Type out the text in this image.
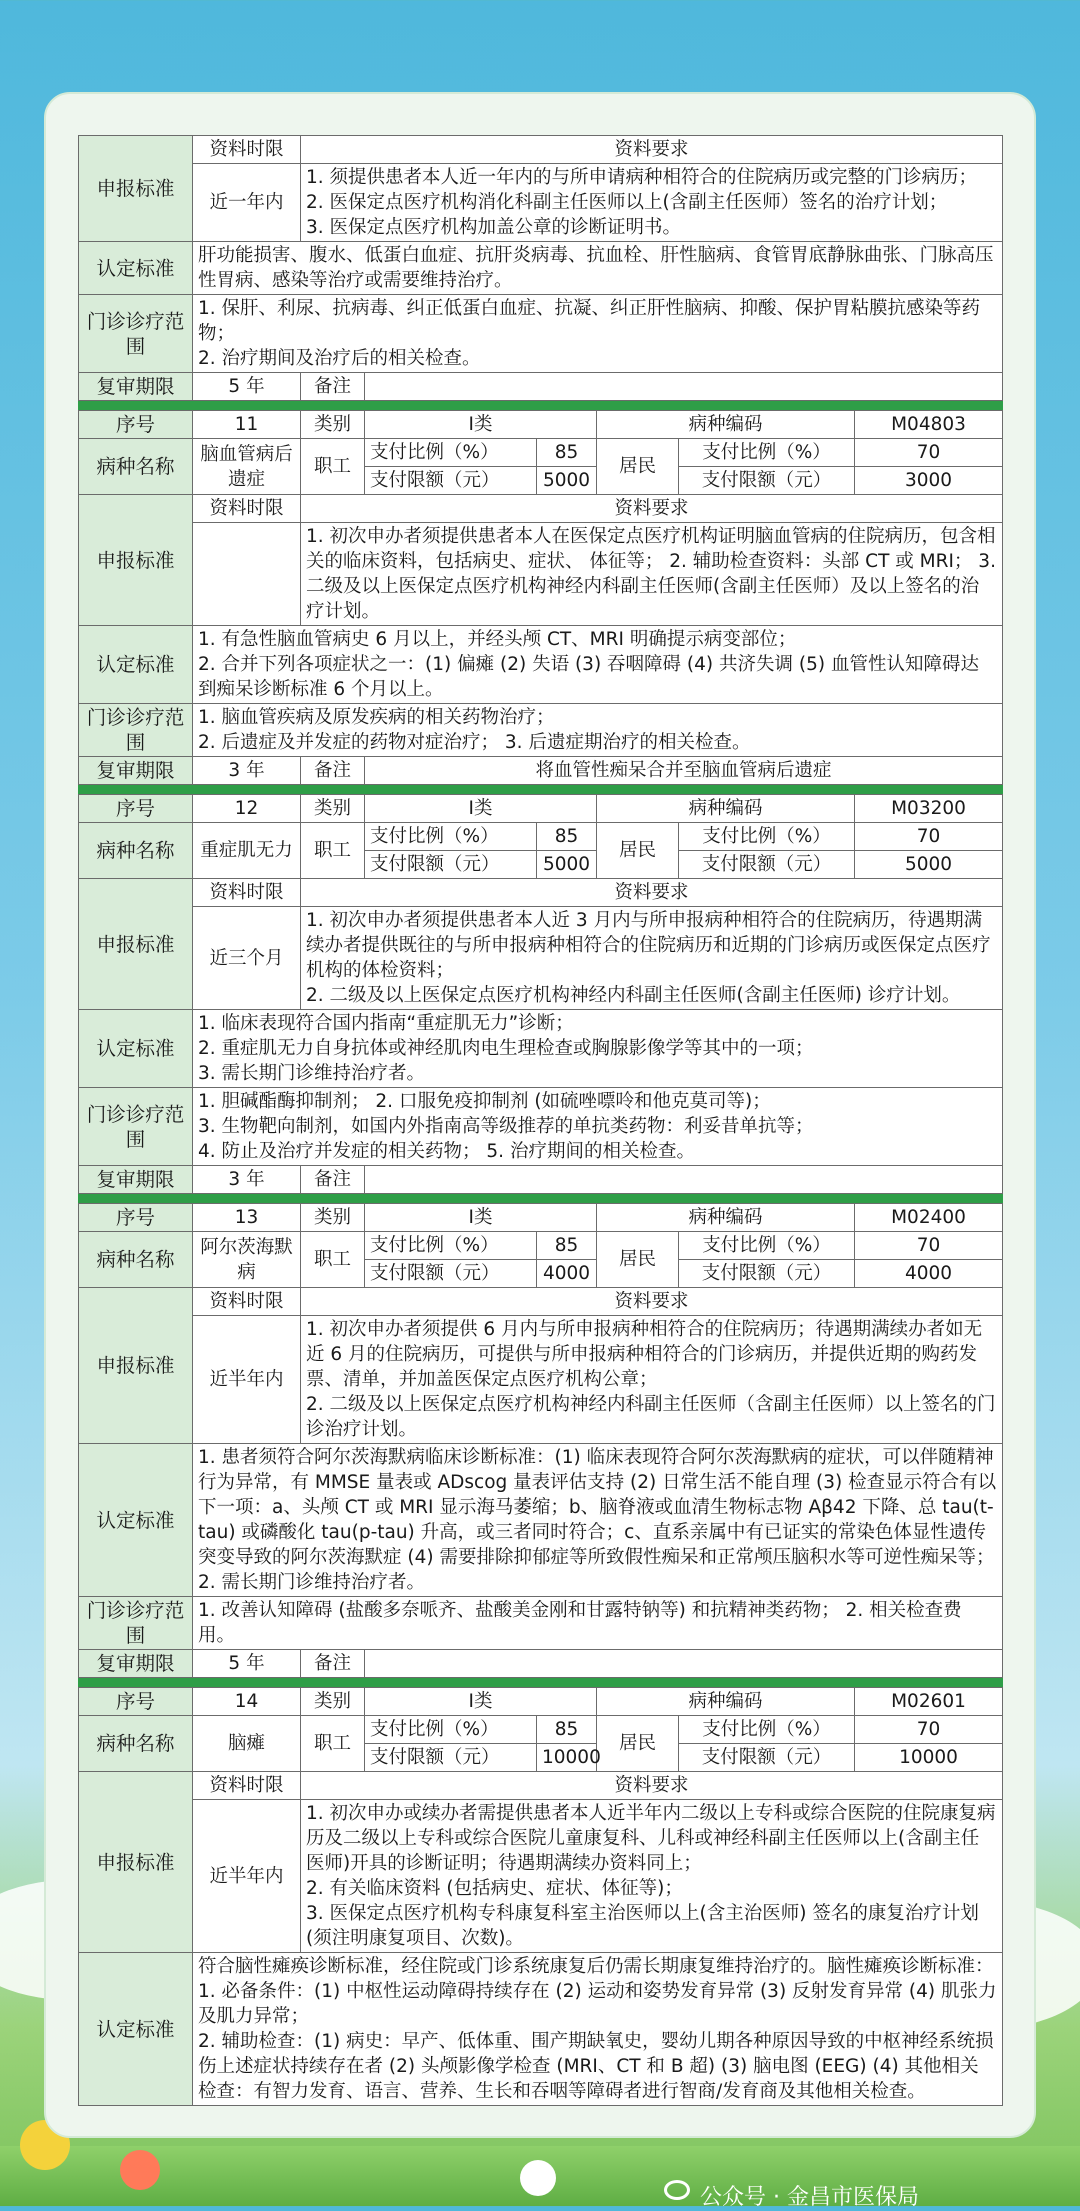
申报标准	资料时限	资料要求					
	近一年内	1. 须提供患者本人近一年内的与所申请病种相符合的住院病历或完整的门诊病历；
2. 医保定点医疗机构消化科副主任医师以上(含副主任医师）签名的治疗计划；
3. 医保定点医疗机构加盖公章的诊断证明书。					

认定标准	肝功能损害、腹水、低蛋白血症、抗肝炎病毒、抗血栓、肝性脑病、食管胃底静脉曲张、门脉高压性胃病、感染等治疗或需要维持治疗。						
门诊诊疗范围	1. 保肝、利尿、抗病毒、纠正低蛋白血症、抗凝、纠正肝性脑病、抑酸、保护胃粘膜抗感染等药物；
2. 治疗期间及治疗后的相关检查。						

复审期限	5 年	备注					

序号	11	类别	Ⅰ类		病种编码		M04803
病种名称	脑血管病后遗症	职工	支付比例（%）	85	居民	支付比例（%）	70
			支付限额（元）	5000		支付限额（元）	3000
申报标准	资料时限	资料要求					
		1. 初次申办者须提供患者本人在医保定点医疗机构证明脑血管病的住院病历，包含相关的临床资料，包括病史、症状、 体征等； 2. 辅助检查资料：头部 CT 或 MRI； 3. 二级及以上医保定点医疗机构神经内科副主任医师(含副主任医师）及以上签名的治疗计划。					
认定标准	1. 有急性脑血管病史 6 月以上，并经头颅 CT、MRI 明确提示病变部位；
2. 合并下列各项症状之一：(1) 偏瘫 (2) 失语 (3) 吞咽障碍 (4) 共济失调 (5) 血管性认知障碍达到痴呆诊断标准 6 个月以上。						

门诊诊疗范围	1. 脑血管疾病及原发疾病的相关药物治疗；
2. 后遗症及并发症的药物对症治疗； 3. 后遗症期治疗的相关检查。						

复审期限	3 年	备注	将血管性痴呆合并至脑血管病后遗症				

序号	12	类别	Ⅰ类		病种编码		M03200
病种名称	重症肌无力	职工	支付比例（%）	85	居民	支付比例（%）	70
			支付限额（元）	5000		支付限额（元）	5000
申报标准	资料时限	资料要求					
	近三个月	1. 初次申办者须提供患者本人近 3 月内与所申报病种相符合的住院病历，待遇期满续办者提供既往的与所申报病种相符合的住院病历和近期的门诊病历或医保定点医疗机构的体检资料；
2. 二级及以上医保定点医疗机构神经内科副主任医师(含副主任医师) 诊疗计划。					

认定标准	1. 临床表现符合国内指南“重症肌无力”诊断；
2. 重症肌无力自身抗体或神经肌肉电生理检查或胸腺影像学等其中的一项；
3. 需长期门诊维持治疗者。						

门诊诊疗范围	1. 胆碱酯酶抑制剂； 2. 口服免疫抑制剂 (如硫唑嘌呤和他克莫司等)；
3. 生物靶向制剂，如国内外指南高等级推荐的单抗类药物：利妥昔单抗等；
4. 防止及治疗并发症的相关药物； 5. 治疗期间的相关检查。						

复审期限	3 年	备注					

序号	13	类别	Ⅰ类		病种编码		M02400
病种名称	阿尔茨海默病	职工	支付比例（%）	85	居民	支付比例（%）	70
			支付限额（元）	4000		支付限额（元）	4000
申报标准	资料时限	资料要求					
	近半年内	1. 初次申办者须提供 6 月内与所申报病种相符合的住院病历；待遇期满续办者如无近 6 月的住院病历，可提供与所申报病种相符合的门诊病历，并提供近期的购药发票、清单，并加盖医保定点医疗机构公章；
2. 二级及以上医保定点医疗机构神经内科副主任医师（含副主任医师）以上签名的门诊治疗计划。					

认定标准	1. 患者须符合阿尔茨海默病临床诊断标准：(1) 临床表现符合阿尔茨海默病的症状，可以伴随精神行为异常，有 MMSE 量表或 ADscog 量表评估支持 (2) 日常生活不能自理 (3) 检查显示符合有以下一项：a、头颅 CT 或 MRI 显示海马萎缩；b、脑脊液或血清生物标志物 Aβ42 下降、总 tau(t-tau) 或磷酸化 tau(p-tau) 升高，或三者同时符合；c、直系亲属中有已证实的常染色体显性遗传突变导致的阿尔茨海默症 (4) 需要排除抑郁症等所致假性痴呆和正常颅压脑积水等可逆性痴呆等；
2. 需长期门诊维持治疗者。						

门诊诊疗范围	1. 改善认知障碍 (盐酸多奈哌齐、盐酸美金刚和甘露特钠等) 和抗精神类药物； 2. 相关检查费用。						
复审期限	5 年	备注					

序号	14	类别	Ⅰ类		病种编码		M02601
病种名称	脑瘫	职工	支付比例（%）	85	居民	支付比例（%）	70
			支付限额（元）	10000		支付限额（元）	10000
申报标准	资料时限	资料要求					
	近半年内	1. 初次申办或续办者需提供患者本人近半年内二级以上专科或综合医院的住院康复病历及二级以上专科或综合医院儿童康复科、儿科或神经科副主任医师以上(含副主任医师)开具的诊断证明；待遇期满续办资料同上；
2. 有关临床资料 (包括病史、症状、体征等)；
3. 医保定点医疗机构专科康复科室主治医师以上(含主治医师) 签名的康复治疗计划 (须注明康复项目、次数)。					

认定标准	符合脑性瘫痪诊断标准，经住院或门诊系统康复后仍需长期康复维持治疗的。脑性瘫痪诊断标准：
1. 必备条件：(1) 中枢性运动障碍持续存在 (2) 运动和姿势发育异常 (3) 反射发育异常 (4) 肌张力及肌力异常；
2. 辅助检查：(1) 病史：早产、低体重、围产期缺氧史，婴幼儿期各种原因导致的中枢神经系统损伤上述症状持续存在者 (2) 头颅影像学检查 (MRI、CT 和 B 超) (3) 脑电图 (EEG) (4) 其他相关检查：有智力发育、语言、营养、生长和吞咽等障碍者进行智商/发育商及其他相关检查。						
公众号 · 金昌市医保局
